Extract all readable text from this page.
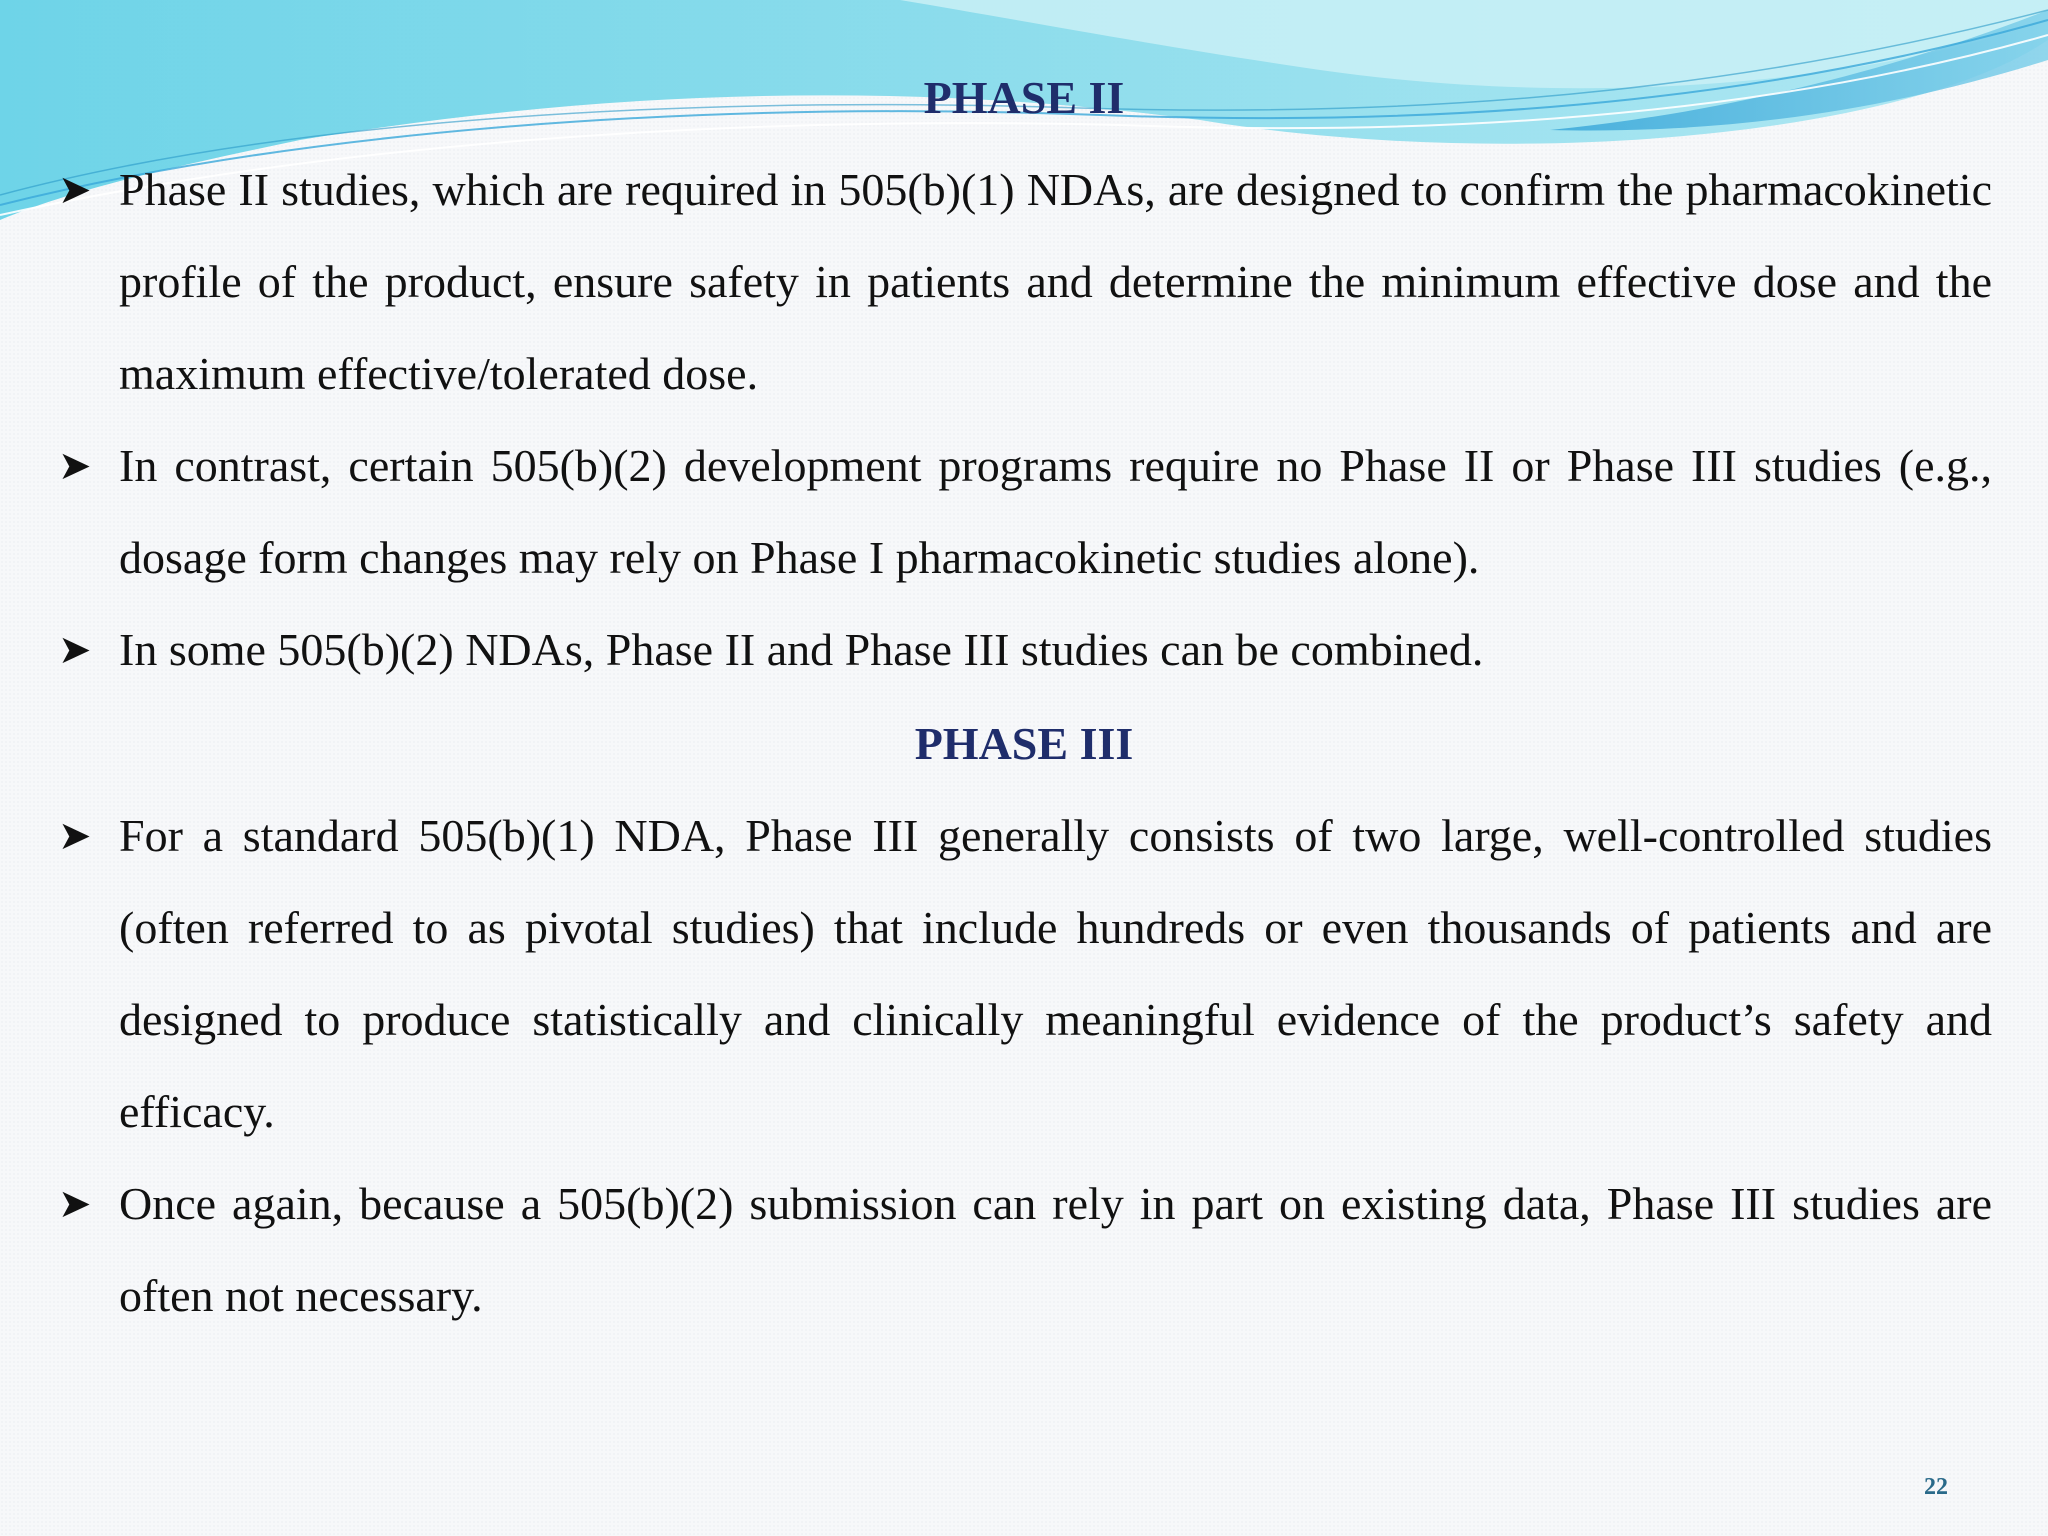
PHASE II
➤ Phase II studies, which are required in 505(b)(1) NDAs, are designed to confirm the pharmacokinetic profile of the product, ensure safety in patients and determine the minimum effective dose and the maximum effective/tolerated dose.
➤ In contrast, certain 505(b)(2) development programs require no Phase II or Phase III studies (e.g., dosage form changes may rely on Phase I pharmacokinetic studies alone).
➤ In some 505(b)(2) NDAs, Phase II and Phase III studies can be combined.
PHASE III
➤ For a standard 505(b)(1) NDA, Phase III generally consists of two large, well-controlled studies (often referred to as pivotal studies) that include hundreds or even thousands of patients and are designed to produce statistically and clinically meaningful evidence of the product’s safety and efficacy.
➤ Once again, because a 505(b)(2) submission can rely in part on existing data, Phase III studies are often not necessary.
22
